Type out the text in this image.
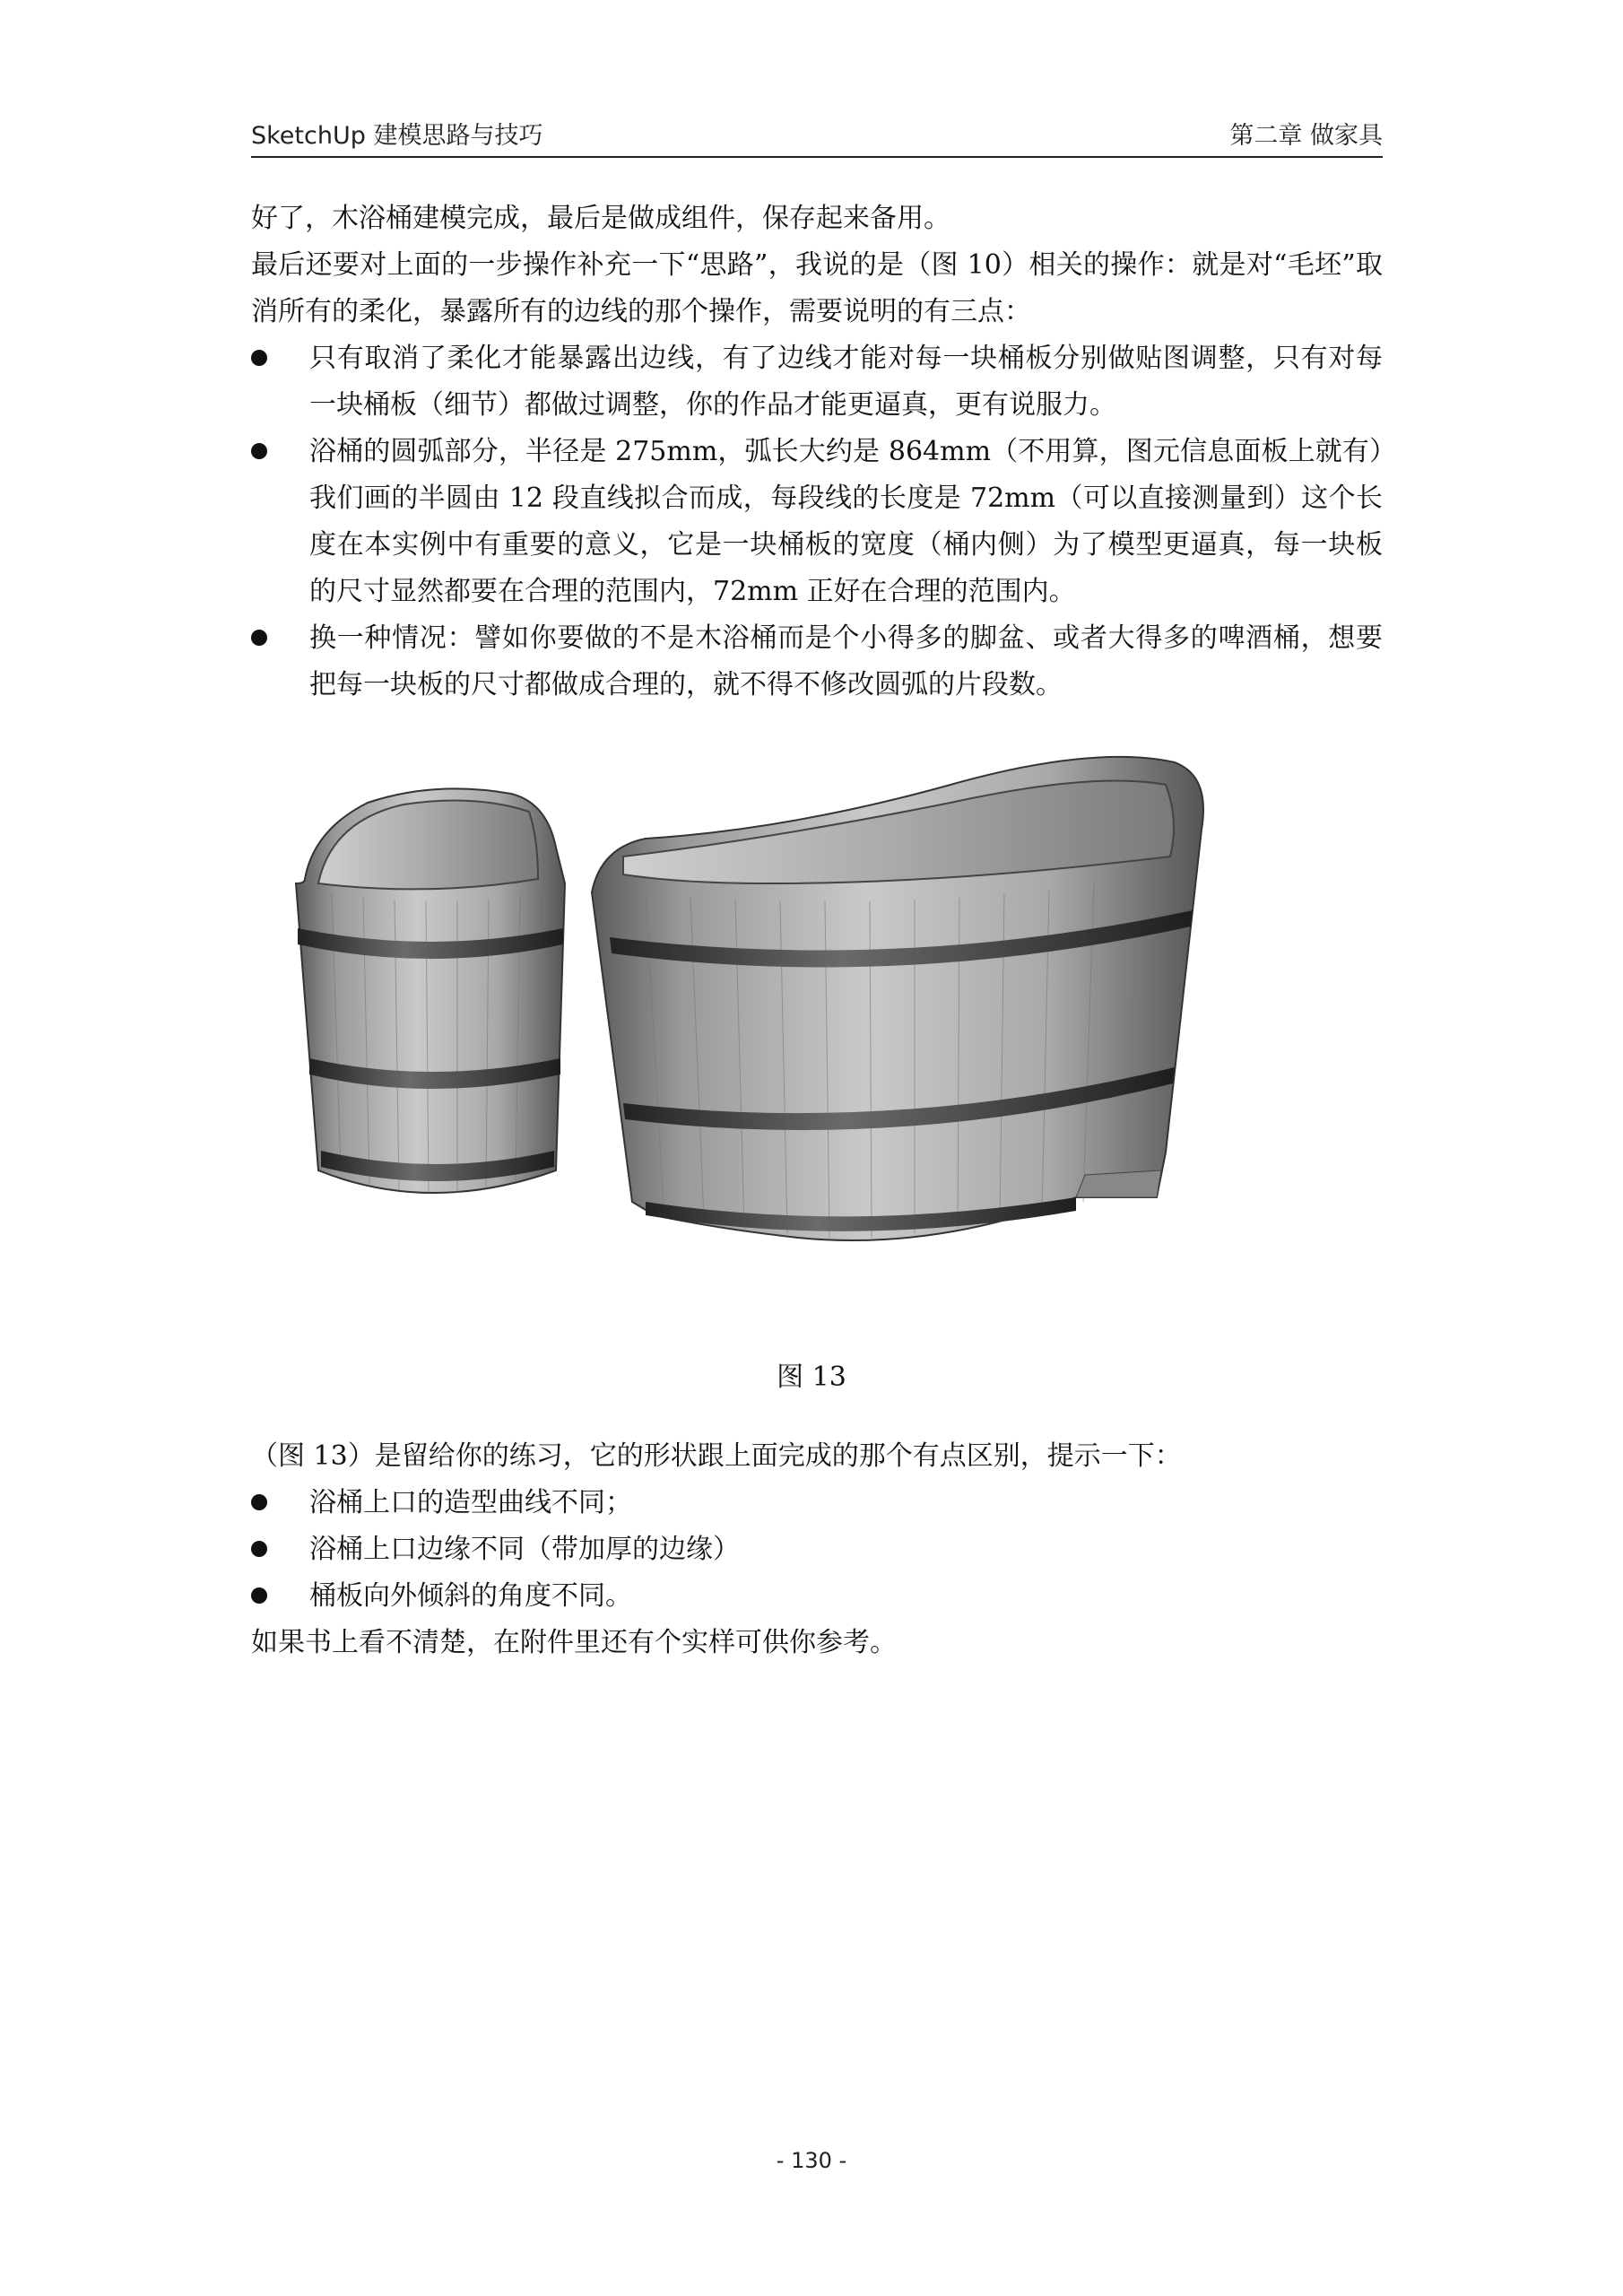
SketchUp 建模思路与技巧	第二章 做家具

好了，木浴桶建模完成，最后是做成组件，保存起来备用。

最后还要对上面的一步操作补充一下“思路”，我说的是（图 10）相关的操作：就是对“毛坯”取消所有的柔化，暴露所有的边线的那个操作，需要说明的有三点：

只有取消了柔化才能暴露出边线，有了边线才能对每一块桶板分别做贴图调整，只有对每一块桶板（细节）都做过调整，你的作品才能更逼真，更有说服力。
浴桶的圆弧部分，半径是 275mm，弧长大约是 864mm（不用算，图元信息面板上就有）我们画的半圆由 12 段直线拟合而成，每段线的长度是 72mm（可以直接测量到）这个长度在本实例中有重要的意义，它是一块桶板的宽度（桶内侧）为了模型更逼真，每一块板的尺寸显然都要在合理的范围内，72mm 正好在合理的范围内。
换一种情况：譬如你要做的不是木浴桶而是个小得多的脚盆、或者大得多的啤酒桶，想要把每一块板的尺寸都做成合理的，就不得不修改圆弧的片段数。
图 13

（图 13）是留给你的练习，它的形状跟上面完成的那个有点区别，提示一下：

浴桶上口的造型曲线不同；
浴桶上口边缘不同（带加厚的边缘）
桶板向外倾斜的角度不同。

如果书上看不清楚，在附件里还有个实样可供你参考。

- 130 -
